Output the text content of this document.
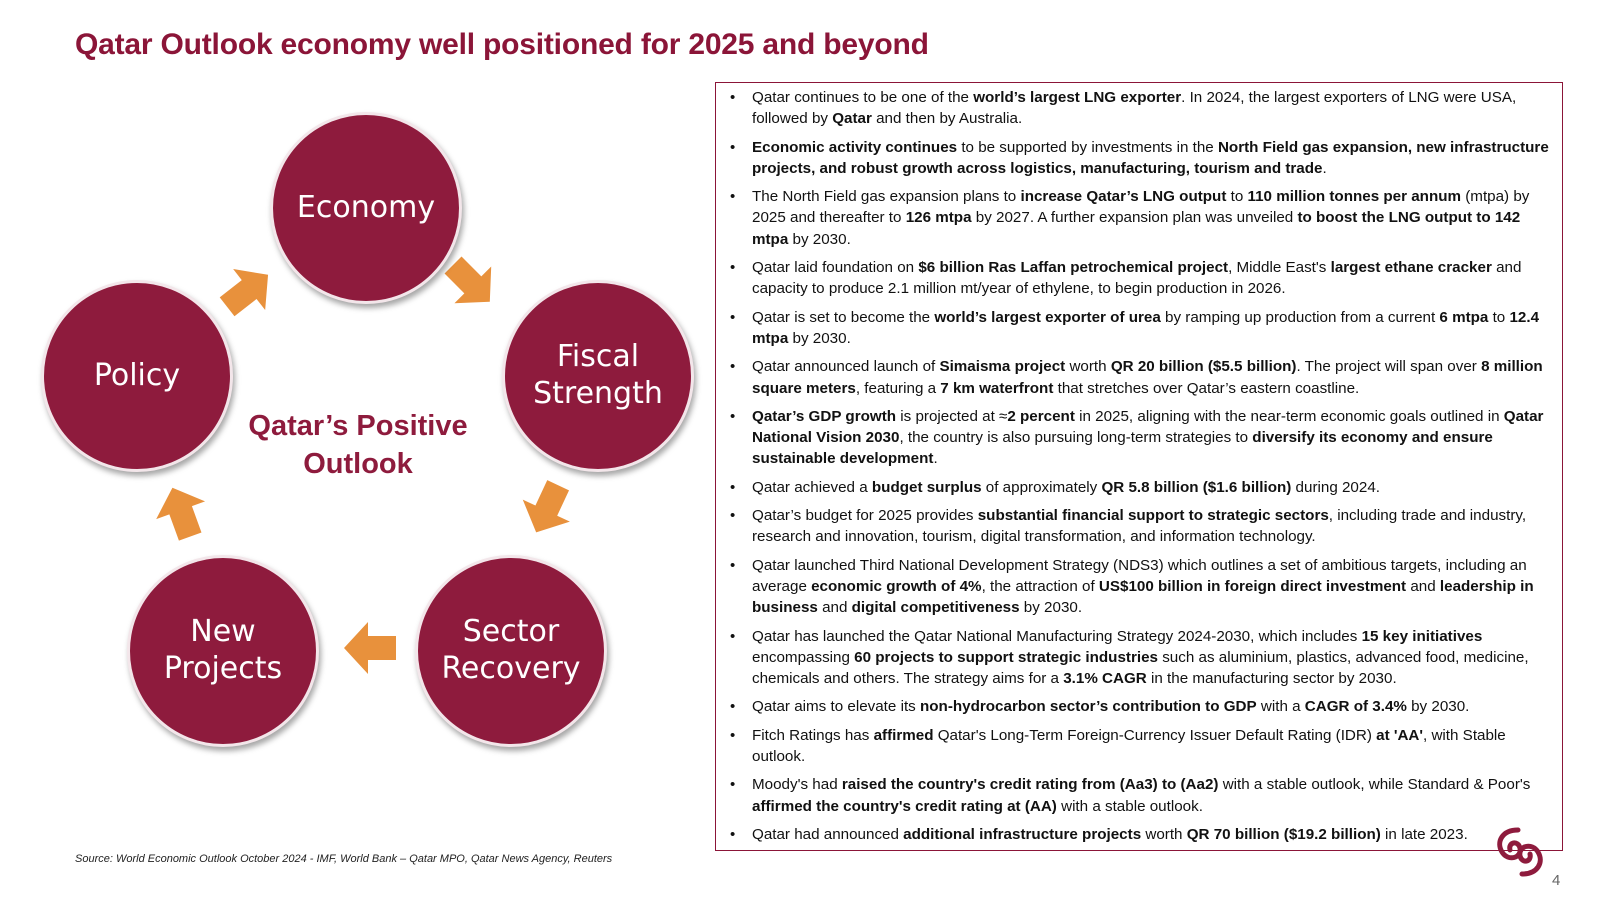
Qatar Outlook economy well positioned for 2025 and beyond
Economy
Fiscal
Strength
Sector
Recovery
New
Projects
Policy
Qatar’s Positive
Outlook
• Qatar continues to be one of the world’s largest LNG exporter. In 2024, the largest exporters of LNG were USA, followed by Qatar and then by Australia.
• Economic activity continues to be supported by investments in the North Field gas expansion, new infrastructure projects, and robust growth across logistics, manufacturing, tourism and trade.
• The North Field gas expansion plans to increase Qatar’s LNG output to 110 million tonnes per annum (mtpa) by 2025 and thereafter to 126 mtpa by 2027. A further expansion plan was unveiled to boost the LNG output to 142 mtpa by 2030.
• Qatar laid foundation on $6 billion Ras Laffan petrochemical project, Middle East's largest ethane cracker and capacity to produce 2.1 million mt/year of ethylene, to begin production in 2026.
• Qatar is set to become the world’s largest exporter of urea by ramping up production from a current 6 mtpa to 12.4 mtpa by 2030.
• Qatar announced launch of Simaisma project worth QR 20 billion ($5.5 billion). The project will span over 8 million square meters, featuring a 7 km waterfront that stretches over Qatar’s eastern coastline.
• Qatar’s GDP growth is projected at ≈2 percent in 2025, aligning with the near-term economic goals outlined in Qatar National Vision 2030, the country is also pursuing long-term strategies to diversify its economy and ensure sustainable development.
• Qatar achieved a budget surplus of approximately QR 5.8 billion ($1.6 billion) during 2024.
• Qatar’s budget for 2025 provides substantial financial support to strategic sectors, including trade and industry, research and innovation, tourism, digital transformation, and information technology.
• Qatar launched Third National Development Strategy (NDS3) which outlines a set of ambitious targets, including an average economic growth of 4%, the attraction of US$100 billion in foreign direct investment and leadership in business and digital competitiveness by 2030.
• Qatar has launched the Qatar National Manufacturing Strategy 2024-2030, which includes 15 key initiatives encompassing 60 projects to support strategic industries such as aluminium, plastics, advanced food, medicine, chemicals and others. The strategy aims for a 3.1% CAGR in the manufacturing sector by 2030.
• Qatar aims to elevate its non-hydrocarbon sector’s contribution to GDP with a CAGR of 3.4% by 2030.
• Fitch Ratings has affirmed Qatar's Long-Term Foreign-Currency Issuer Default Rating (IDR) at 'AA', with Stable outlook.
• Moody's had raised the country's credit rating from (Aa3) to (Aa2) with a stable outlook, while Standard & Poor's affirmed the country's credit rating at (AA) with a stable outlook.
• Qatar had announced additional infrastructure projects worth QR 70 billion ($19.2 billion) in late 2023.
Source: World Economic Outlook October 2024 - IMF, World Bank – Qatar MPO, Qatar News Agency, Reuters
4
